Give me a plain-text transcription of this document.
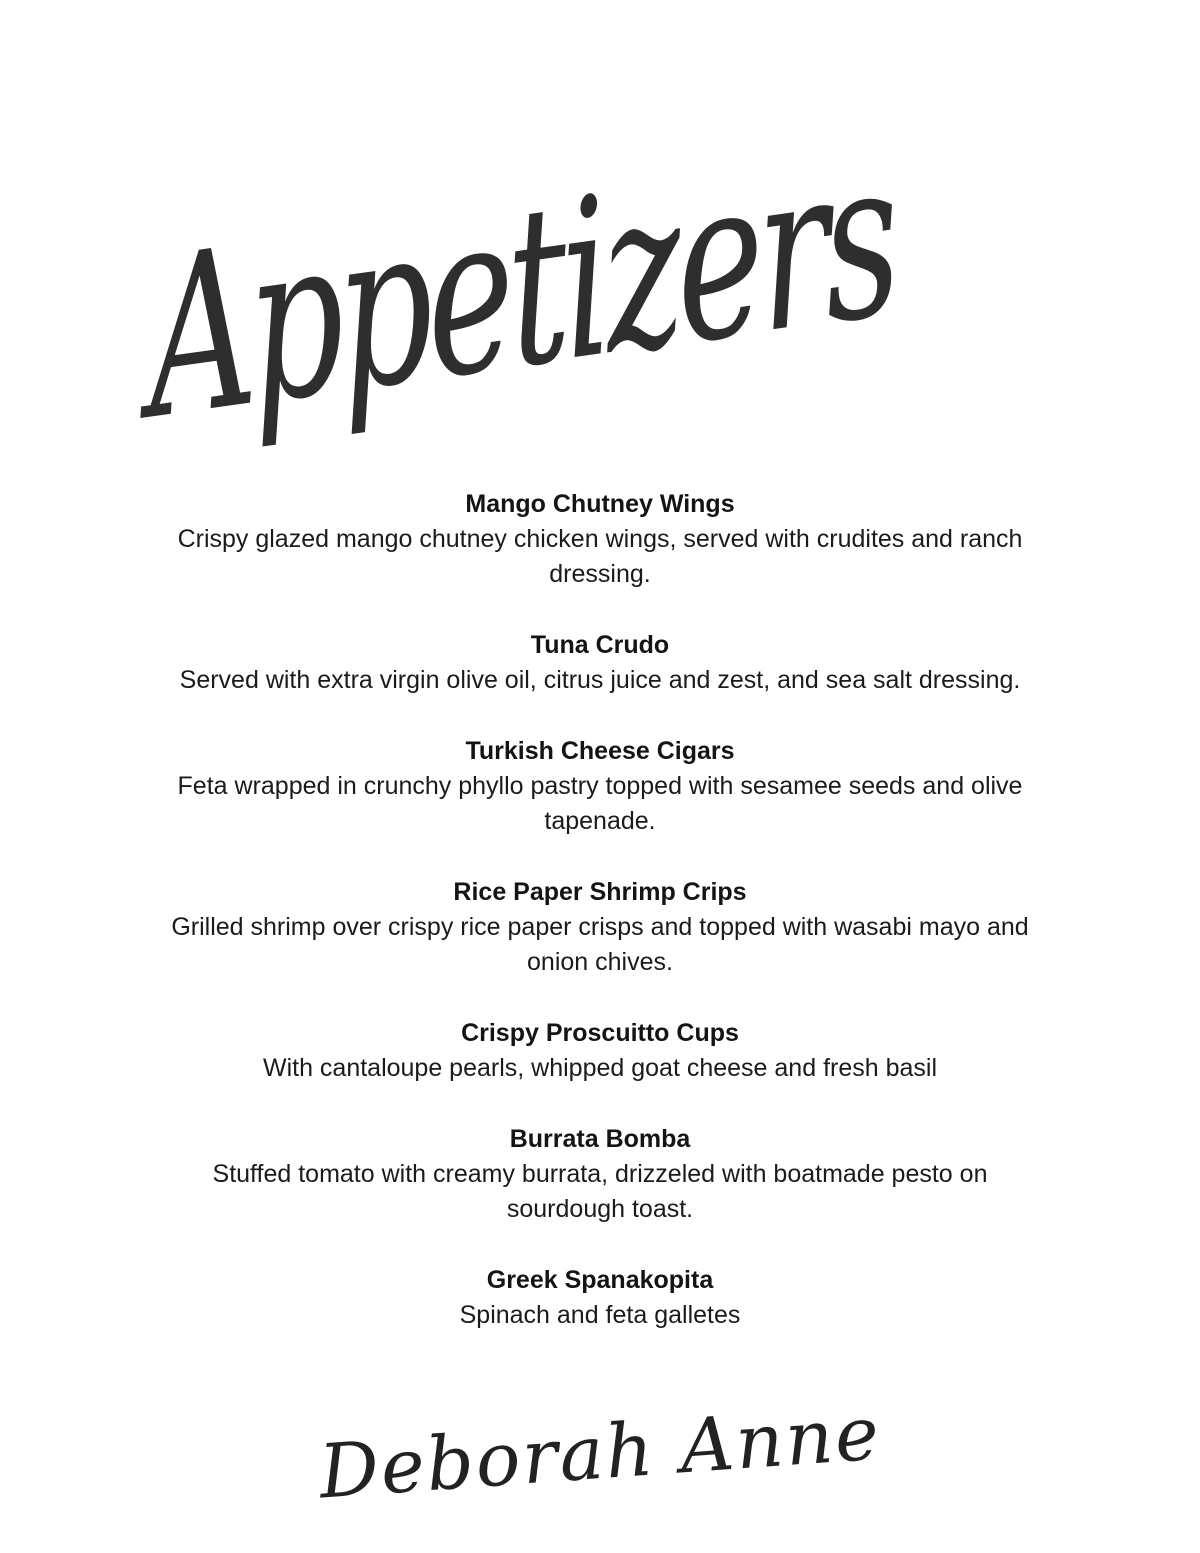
Appetizers
Mango Chutney Wings
Crispy glazed mango chutney chicken wings, served with crudites and ranch dressing.
Tuna Crudo
Served with extra virgin olive oil, citrus juice and zest, and sea salt dressing.
Turkish Cheese Cigars
Feta wrapped in crunchy phyllo pastry topped with sesamee seeds and olive tapenade.
Rice Paper Shrimp Crips
Grilled shrimp over crispy rice paper crisps and topped with wasabi mayo and onion chives.
Crispy Proscuitto Cups
With cantaloupe pearls, whipped goat cheese and fresh basil
Burrata Bomba
Stuffed tomato with creamy burrata, drizzeled with boatmade pesto on sourdough toast.
Greek Spanakopita
Spinach and feta galletes
Deborah Anne
